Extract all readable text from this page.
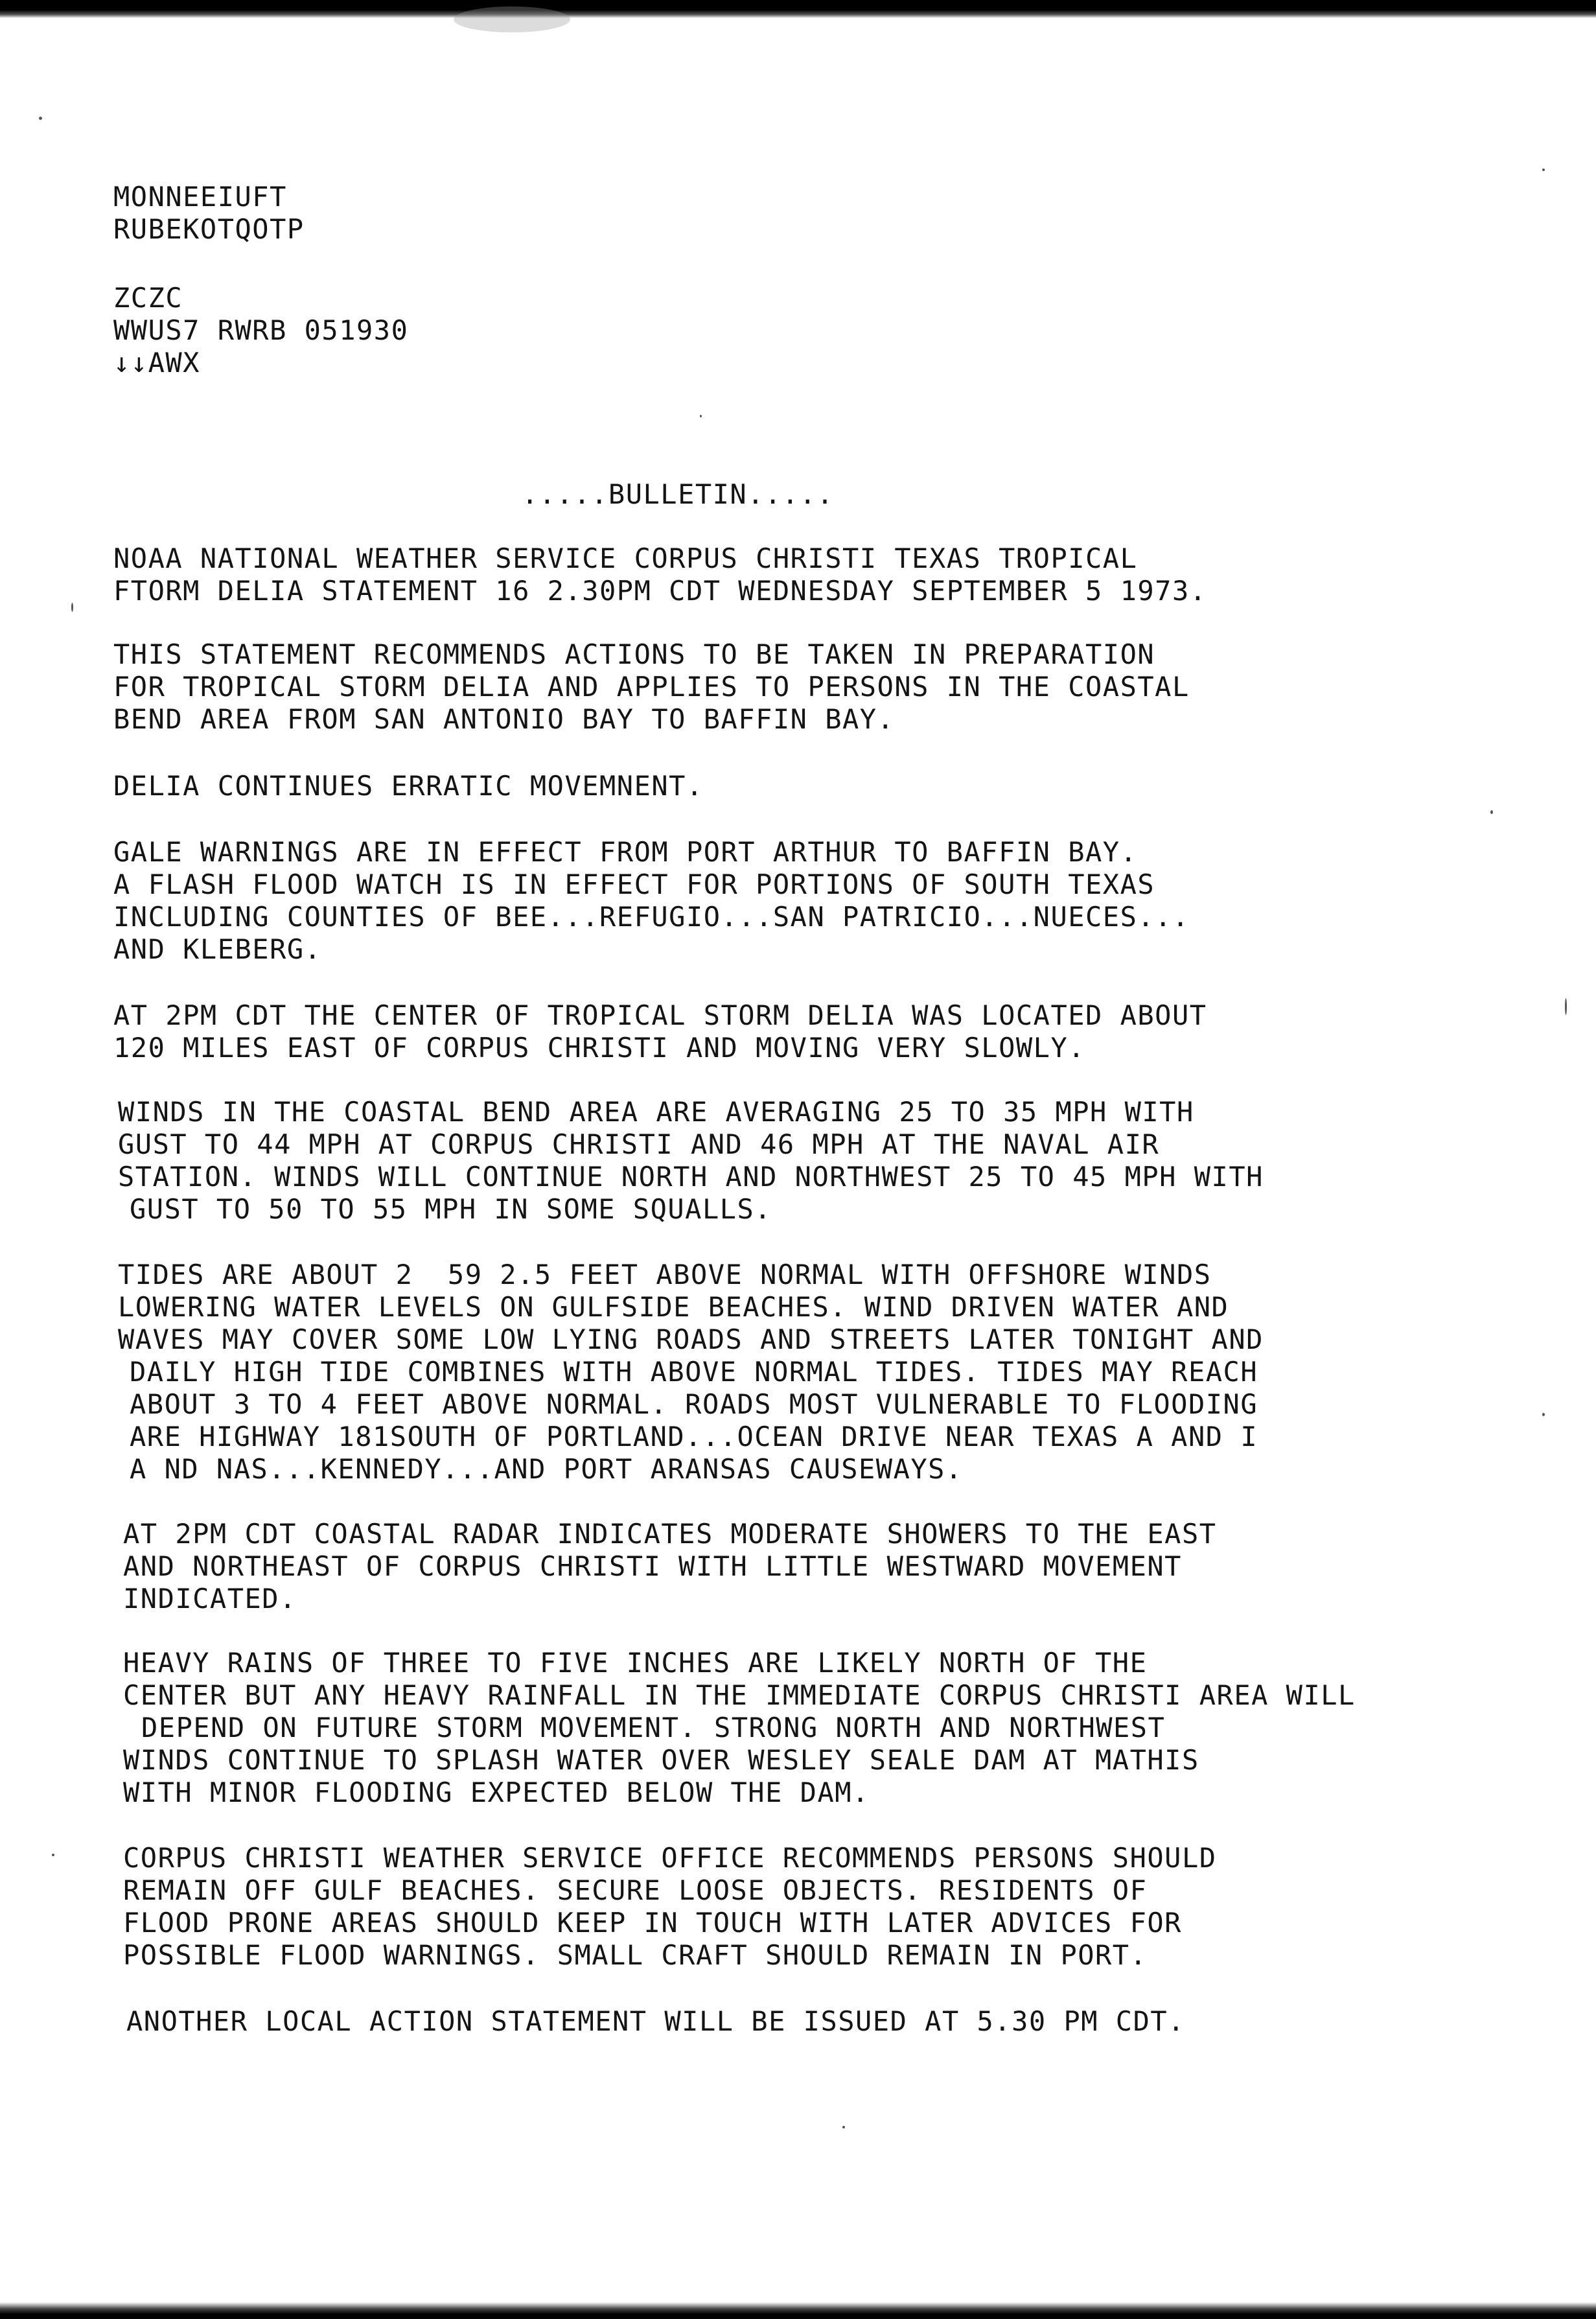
MONNEEIUFT
RUBEKOTQOTP
ZCZC
WWUS7 RWRB 051930
↓↓AWX
.....BULLETIN.....
NOAA NATIONAL WEATHER SERVICE CORPUS CHRISTI TEXAS TROPICAL
FTORM DELIA STATEMENT 16 2.30PM CDT WEDNESDAY SEPTEMBER 5 1973.
THIS STATEMENT RECOMMENDS ACTIONS TO BE TAKEN IN PREPARATION
FOR TROPICAL STORM DELIA AND APPLIES TO PERSONS IN THE COASTAL
BEND AREA FROM SAN ANTONIO BAY TO BAFFIN BAY.
DELIA CONTINUES ERRATIC MOVEMNENT.
GALE WARNINGS ARE IN EFFECT FROM PORT ARTHUR TO BAFFIN BAY.
A FLASH FLOOD WATCH IS IN EFFECT FOR PORTIONS OF SOUTH TEXAS
INCLUDING COUNTIES OF BEE...REFUGIO...SAN PATRICIO...NUECES...
AND KLEBERG.
AT 2PM CDT THE CENTER OF TROPICAL STORM DELIA WAS LOCATED ABOUT
120 MILES EAST OF CORPUS CHRISTI AND MOVING VERY SLOWLY.
WINDS IN THE COASTAL BEND AREA ARE AVERAGING 25 TO 35 MPH WITH
GUST TO 44 MPH AT CORPUS CHRISTI AND 46 MPH AT THE NAVAL AIR
STATION. WINDS WILL CONTINUE NORTH AND NORTHWEST 25 TO 45 MPH WITH
GUST TO 50 TO 55 MPH IN SOME SQUALLS.
TIDES ARE ABOUT 2  59 2.5 FEET ABOVE NORMAL WITH OFFSHORE WINDS
LOWERING WATER LEVELS ON GULFSIDE BEACHES. WIND DRIVEN WATER AND
WAVES MAY COVER SOME LOW LYING ROADS AND STREETS LATER TONIGHT AND
DAILY HIGH TIDE COMBINES WITH ABOVE NORMAL TIDES. TIDES MAY REACH
ABOUT 3 TO 4 FEET ABOVE NORMAL. ROADS MOST VULNERABLE TO FLOODING
ARE HIGHWAY 181SOUTH OF PORTLAND...OCEAN DRIVE NEAR TEXAS A AND I
A ND NAS...KENNEDY...AND PORT ARANSAS CAUSEWAYS.
AT 2PM CDT COASTAL RADAR INDICATES MODERATE SHOWERS TO THE EAST
AND NORTHEAST OF CORPUS CHRISTI WITH LITTLE WESTWARD MOVEMENT
INDICATED.
HEAVY RAINS OF THREE TO FIVE INCHES ARE LIKELY NORTH OF THE
CENTER BUT ANY HEAVY RAINFALL IN THE IMMEDIATE CORPUS CHRISTI AREA WILL
DEPEND ON FUTURE STORM MOVEMENT. STRONG NORTH AND NORTHWEST
WINDS CONTINUE TO SPLASH WATER OVER WESLEY SEALE DAM AT MATHIS
WITH MINOR FLOODING EXPECTED BELOW THE DAM.
CORPUS CHRISTI WEATHER SERVICE OFFICE RECOMMENDS PERSONS SHOULD
REMAIN OFF GULF BEACHES. SECURE LOOSE OBJECTS. RESIDENTS OF
FLOOD PRONE AREAS SHOULD KEEP IN TOUCH WITH LATER ADVICES FOR
POSSIBLE FLOOD WARNINGS. SMALL CRAFT SHOULD REMAIN IN PORT.
ANOTHER LOCAL ACTION STATEMENT WILL BE ISSUED AT 5.30 PM CDT.
